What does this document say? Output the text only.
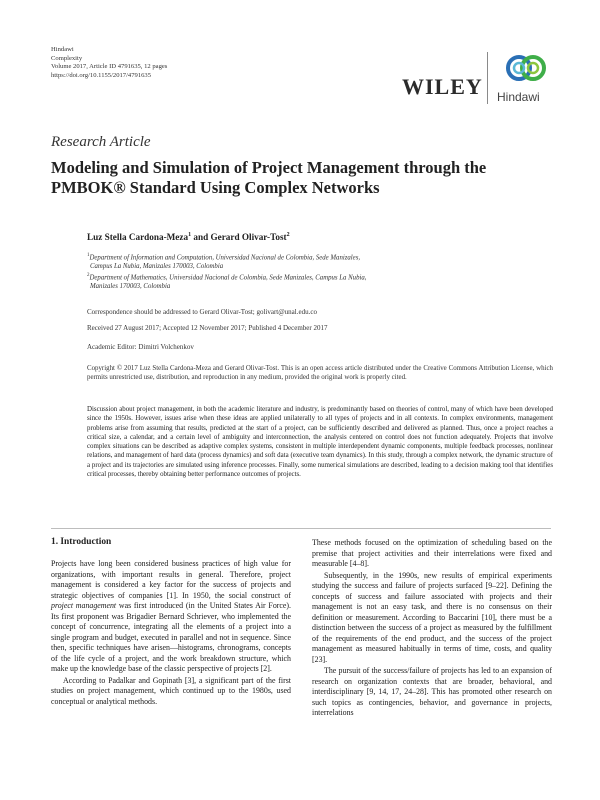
Hindawi
Complexity
Volume 2017, Article ID 4791635, 12 pages
https://doi.org/10.1155/2017/4791635	WILEY Hindawi
Research Article
Modeling and Simulation of Project Management through the PMBOK® Standard Using Complex Networks
Luz Stella Cardona-Meza$^1$ and Gerard Olivar-Tost$^2$
$^1$Department of Information and Computation, Universidad Nacional de Colombia, Sede Manizales,
Campus La Nubia, Manizales 170003, Colombia
$^2$Department of Mathematics, Universidad Nacional de Colombia, Sede Manizales, Campus La Nubia,
Manizales 170003, Colombia
Correspondence should be addressed to Gerard Olivar-Tost; golivart@unal.edu.co
Received 27 August 2017; Accepted 12 November 2017; Published 4 December 2017
Academic Editor: Dimitri Volchenkov
Copyright © 2017 Luz Stella Cardona-Meza and Gerard Olivar-Tost. This is an open access article distributed under the Creative Commons Attribution License, which permits unrestricted use, distribution, and reproduction in any medium, provided the original work is properly cited.
Discussion about project management, in both the academic literature and industry, is predominantly based on theories of control, many of which have been developed since the 1950s. However, issues arise when these ideas are applied unilaterally to all types of projects and in all contexts. In complex environments, management problems arise from assuming that results, predicted at the start of a project, can be sufficiently described and delivered as planned. Thus, once a project reaches a critical size, a calendar, and a certain level of ambiguity and interconnection, the analysis centered on control does not function adequately. Projects that involve complex situations can be described as adaptive complex systems, consistent in multiple interdependent dynamic components, multiple feedback processes, nonlinear relations, and management of hard data (process dynamics) and soft data (executive team dynamics). In this study, through a complex network, the dynamic structure of a project and its trajectories are simulated using inference processes. Finally, some numerical simulations are described, leading to a decision making tool that identifies critical processes, thereby obtaining better performance outcomes of projects.
1. Introduction

Projects have long been considered business practices of high value for organizations, with important results in general. Therefore, project management is considered a key factor for the success of projects and strategic objectives of companies [1]. In 1950, the social construct of project management was first introduced (in the United States Air Force). Its first proponent was Brigadier Bernard Schriever, who implemented the concept of concurrence, integrating all the elements of a project into a single program and budget, executed in parallel and not in sequence. Since then, specific techniques have arisen—histograms, chronograms, concepts of the life cycle of a project, and the work breakdown structure, which make up the knowledge base of the classic perspective of projects [2].

According to Padalkar and Gopinath [3], a significant part of the first studies on project management, which continued up to the 1980s, used conceptual or analytical methods.

These methods focused on the optimization of scheduling based on the premise that project activities and their interrelations were fixed and measurable [4–8].

Subsequently, in the 1990s, new results of empirical experiments studying the success and failure of projects surfaced [9–22]. Defining the concepts of success and failure associated with projects and their management is not an easy task, and there is no consensus on their definition or measurement. According to Baccarini [10], there must be a distinction between the success of a project as measured by the fulfillment of the requirements of the end product, and the success of the project management as measured habitually in terms of time, costs, and quality [23].

The pursuit of the success/failure of projects has led to an expansion of research on organization contexts that are broader, behavioral, and interdisciplinary [9, 14, 17, 24–28]. This has promoted other research on such topics as contingencies, behavior, and governance in projects, interrelations
